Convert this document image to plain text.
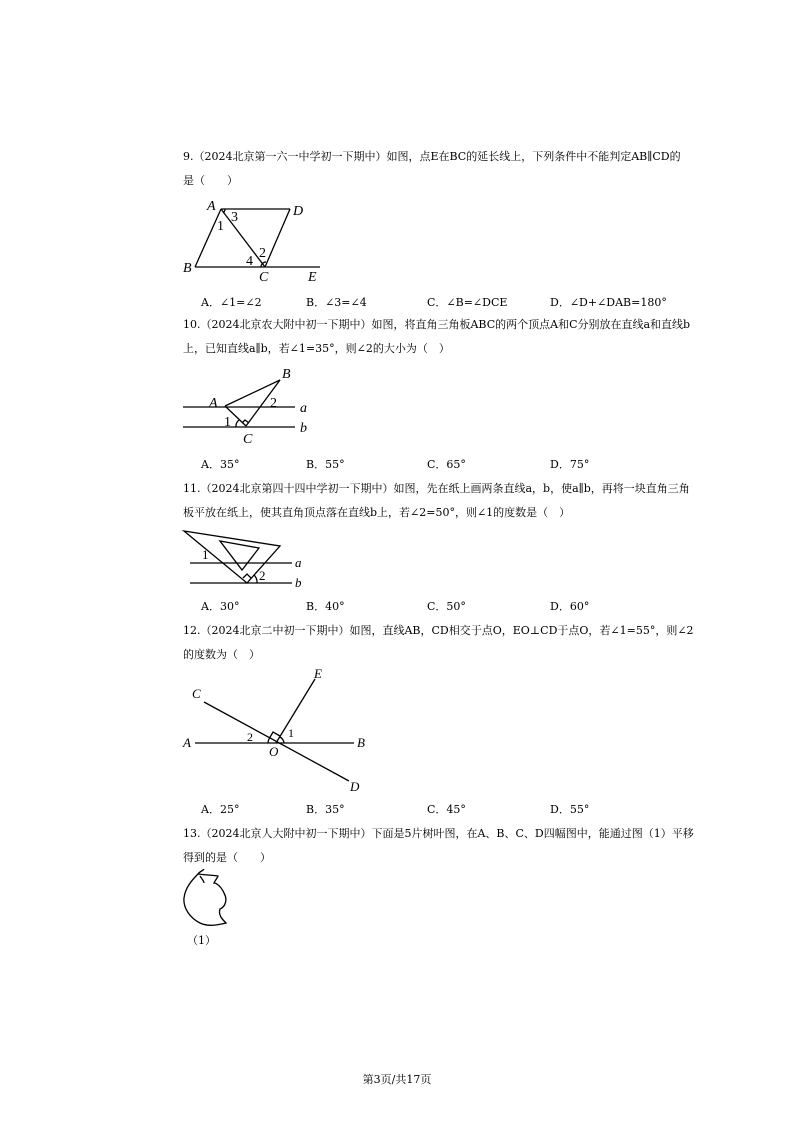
9.（2024北京第一六一中学初一下期中）如图，点E在BC的延长线上，下列条件中不能判定AB∥CD的
是（　　）
A	D
B
C	E
1
2
3
4
A．∠1=∠2	B．∠3=∠4	C．∠B=∠DCE	D．∠D+∠DAB=180°
10.（2024北京农大附中初一下期中）如图，将直角三角板ABC的两个顶点A和C分别放在直线a和直线b
上，已知直线a∥b，若∠1=35°，则∠2的大小为（　）
A
B
C
a
b
1
2
A．35°	B．55°	C．65°	D．75°
11.（2024北京第四十四中学初一下期中）如图，先在纸上画两条直线a，b，使a∥b，再将一块直角三角
板平放在纸上，使其直角顶点落在直线b上，若∠2=50°，则∠1的度数是（　）
1
2
a
b
A．30°	B．40°	C．50°	D．60°
12.（2024北京二中初一下期中）如图，直线AB，CD相交于点O，EO⊥CD于点O，若∠1=55°，则∠2
的度数为（　）
C
E
A	B
O
D
1
2
A．25°	B．35°	C．45°	D．55°
13.（2024北京人大附中初一下期中）下面是5片树叶图，在A、B、C、D四幅图中，能通过图（1）平移
得到的是（　　）
（1）
第3页/共17页
